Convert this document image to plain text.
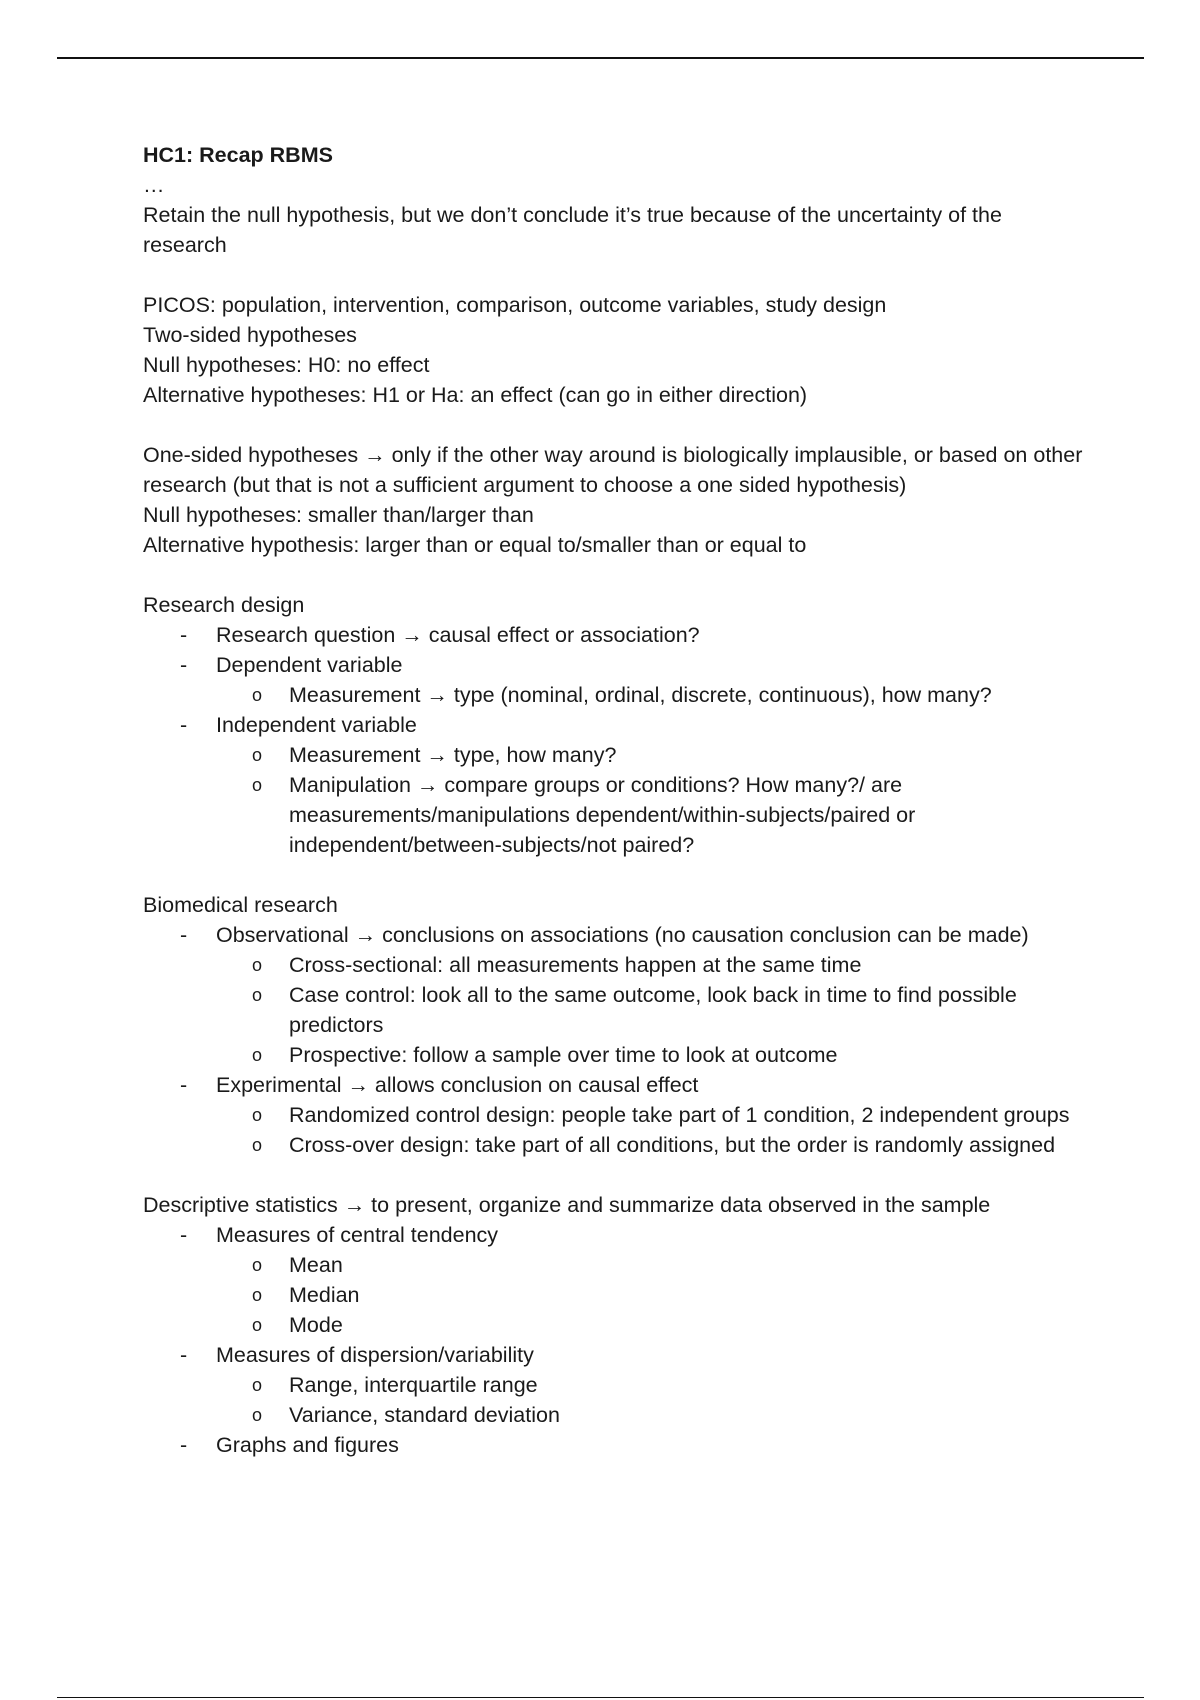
HC1: Recap RBMS

…

Retain the null hypothesis, but we don’t conclude it’s true because of the uncertainty of the research

PICOS: population, intervention, comparison, outcome variables, study design

Two-sided hypotheses

Null hypotheses: H0: no effect

Alternative hypotheses: H1 or Ha: an effect (can go in either direction)

One-sided hypotheses → only if the other way around is biologically implausible, or based on other research (but that is not a sufficient argument to choose a one sided hypothesis)

Null hypotheses: smaller than/larger than

Alternative hypothesis: larger than or equal to/smaller than or equal to

Research design

- Research question → causal effect or association?
- Dependent variable
o Measurement → type (nominal, ordinal, discrete, continuous), how many?
- Independent variable
o Measurement → type, how many?
o Manipulation → compare groups or conditions? How many?/ are measurements/manipulations dependent/within-subjects/paired or independent/between-subjects/not paired?

Biomedical research

- Observational → conclusions on associations (no causation conclusion can be made)
o Cross-sectional: all measurements happen at the same time
o Case control: look all to the same outcome, look back in time to find possible predictors
o Prospective: follow a sample over time to look at outcome
- Experimental → allows conclusion on causal effect
o Randomized control design: people take part of 1 condition, 2 independent groups
o Cross-over design: take part of all conditions, but the order is randomly assigned

Descriptive statistics → to present, organize and summarize data observed in the sample

- Measures of central tendency
o Mean
o Median
o Mode
- Measures of dispersion/variability
o Range, interquartile range
o Variance, standard deviation
- Graphs and figures
